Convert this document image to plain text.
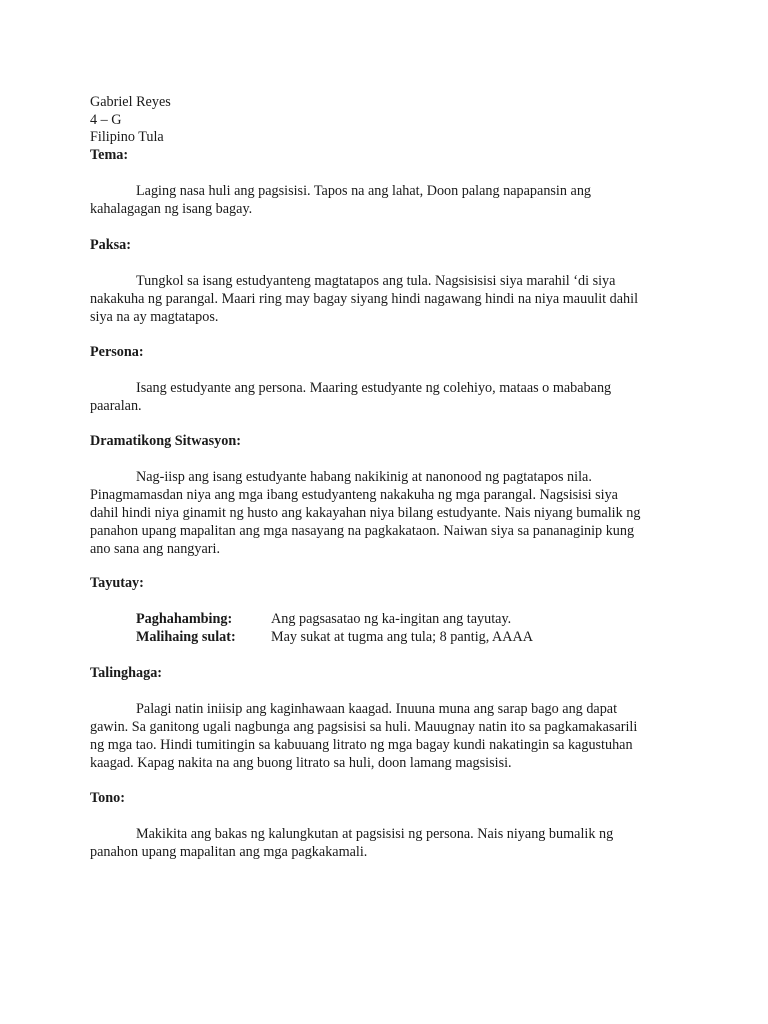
Gabriel Reyes
4 – G
Filipino Tula
Tema:
Laging nasa huli ang pagsisisi. Tapos na ang lahat, Doon palang napapansin ang
kahalagagan ng isang bagay.
Paksa:
Tungkol sa isang estudyanteng magtatapos ang tula. Nagsisisisi siya marahil ‘di siya
nakakuha ng parangal. Maari ring may bagay siyang hindi nagawang hindi na niya mauulit dahil
siya na ay magtatapos.
Persona:
Isang estudyante ang persona. Maaring estudyante ng colehiyo, mataas o mababang
paaralan.
Dramatikong Sitwasyon:
Nag-iisp ang isang estudyante habang nakikinig at nanonood ng pagtatapos nila.
Pinagmamasdan niya ang mga ibang estudyanteng nakakuha ng mga parangal. Nagsisisi siya
dahil hindi niya ginamit ng husto ang kakayahan niya bilang estudyante. Nais niyang bumalik ng
panahon upang mapalitan ang mga nasayang na pagkakataon. Naiwan siya sa pananaginip kung
ano sana ang nangyari.
Tayutay:
Paghahambing:	Ang pagsasatao ng ka-ingitan ang tayutay.
Malihaing sulat: May sukat at tugma ang tula; 8 pantig, AAAA
Talinghaga:
Palagi natin iniisip ang kaginhawaan kaagad. Inuuna muna ang sarap bago ang dapat
gawin. Sa ganitong ugali nagbunga ang pagsisisi sa huli. Mauugnay natin ito sa pagkamakasarili
ng mga tao. Hindi tumitingin sa kabuuang litrato ng mga bagay kundi nakatingin sa kagustuhan
kaagad. Kapag nakita na ang buong litrato sa huli, doon lamang magsisisi.
Tono:
Makikita ang bakas ng kalungkutan at pagsisisi ng persona. Nais niyang bumalik ng
panahon upang mapalitan ang mga pagkakamali.
